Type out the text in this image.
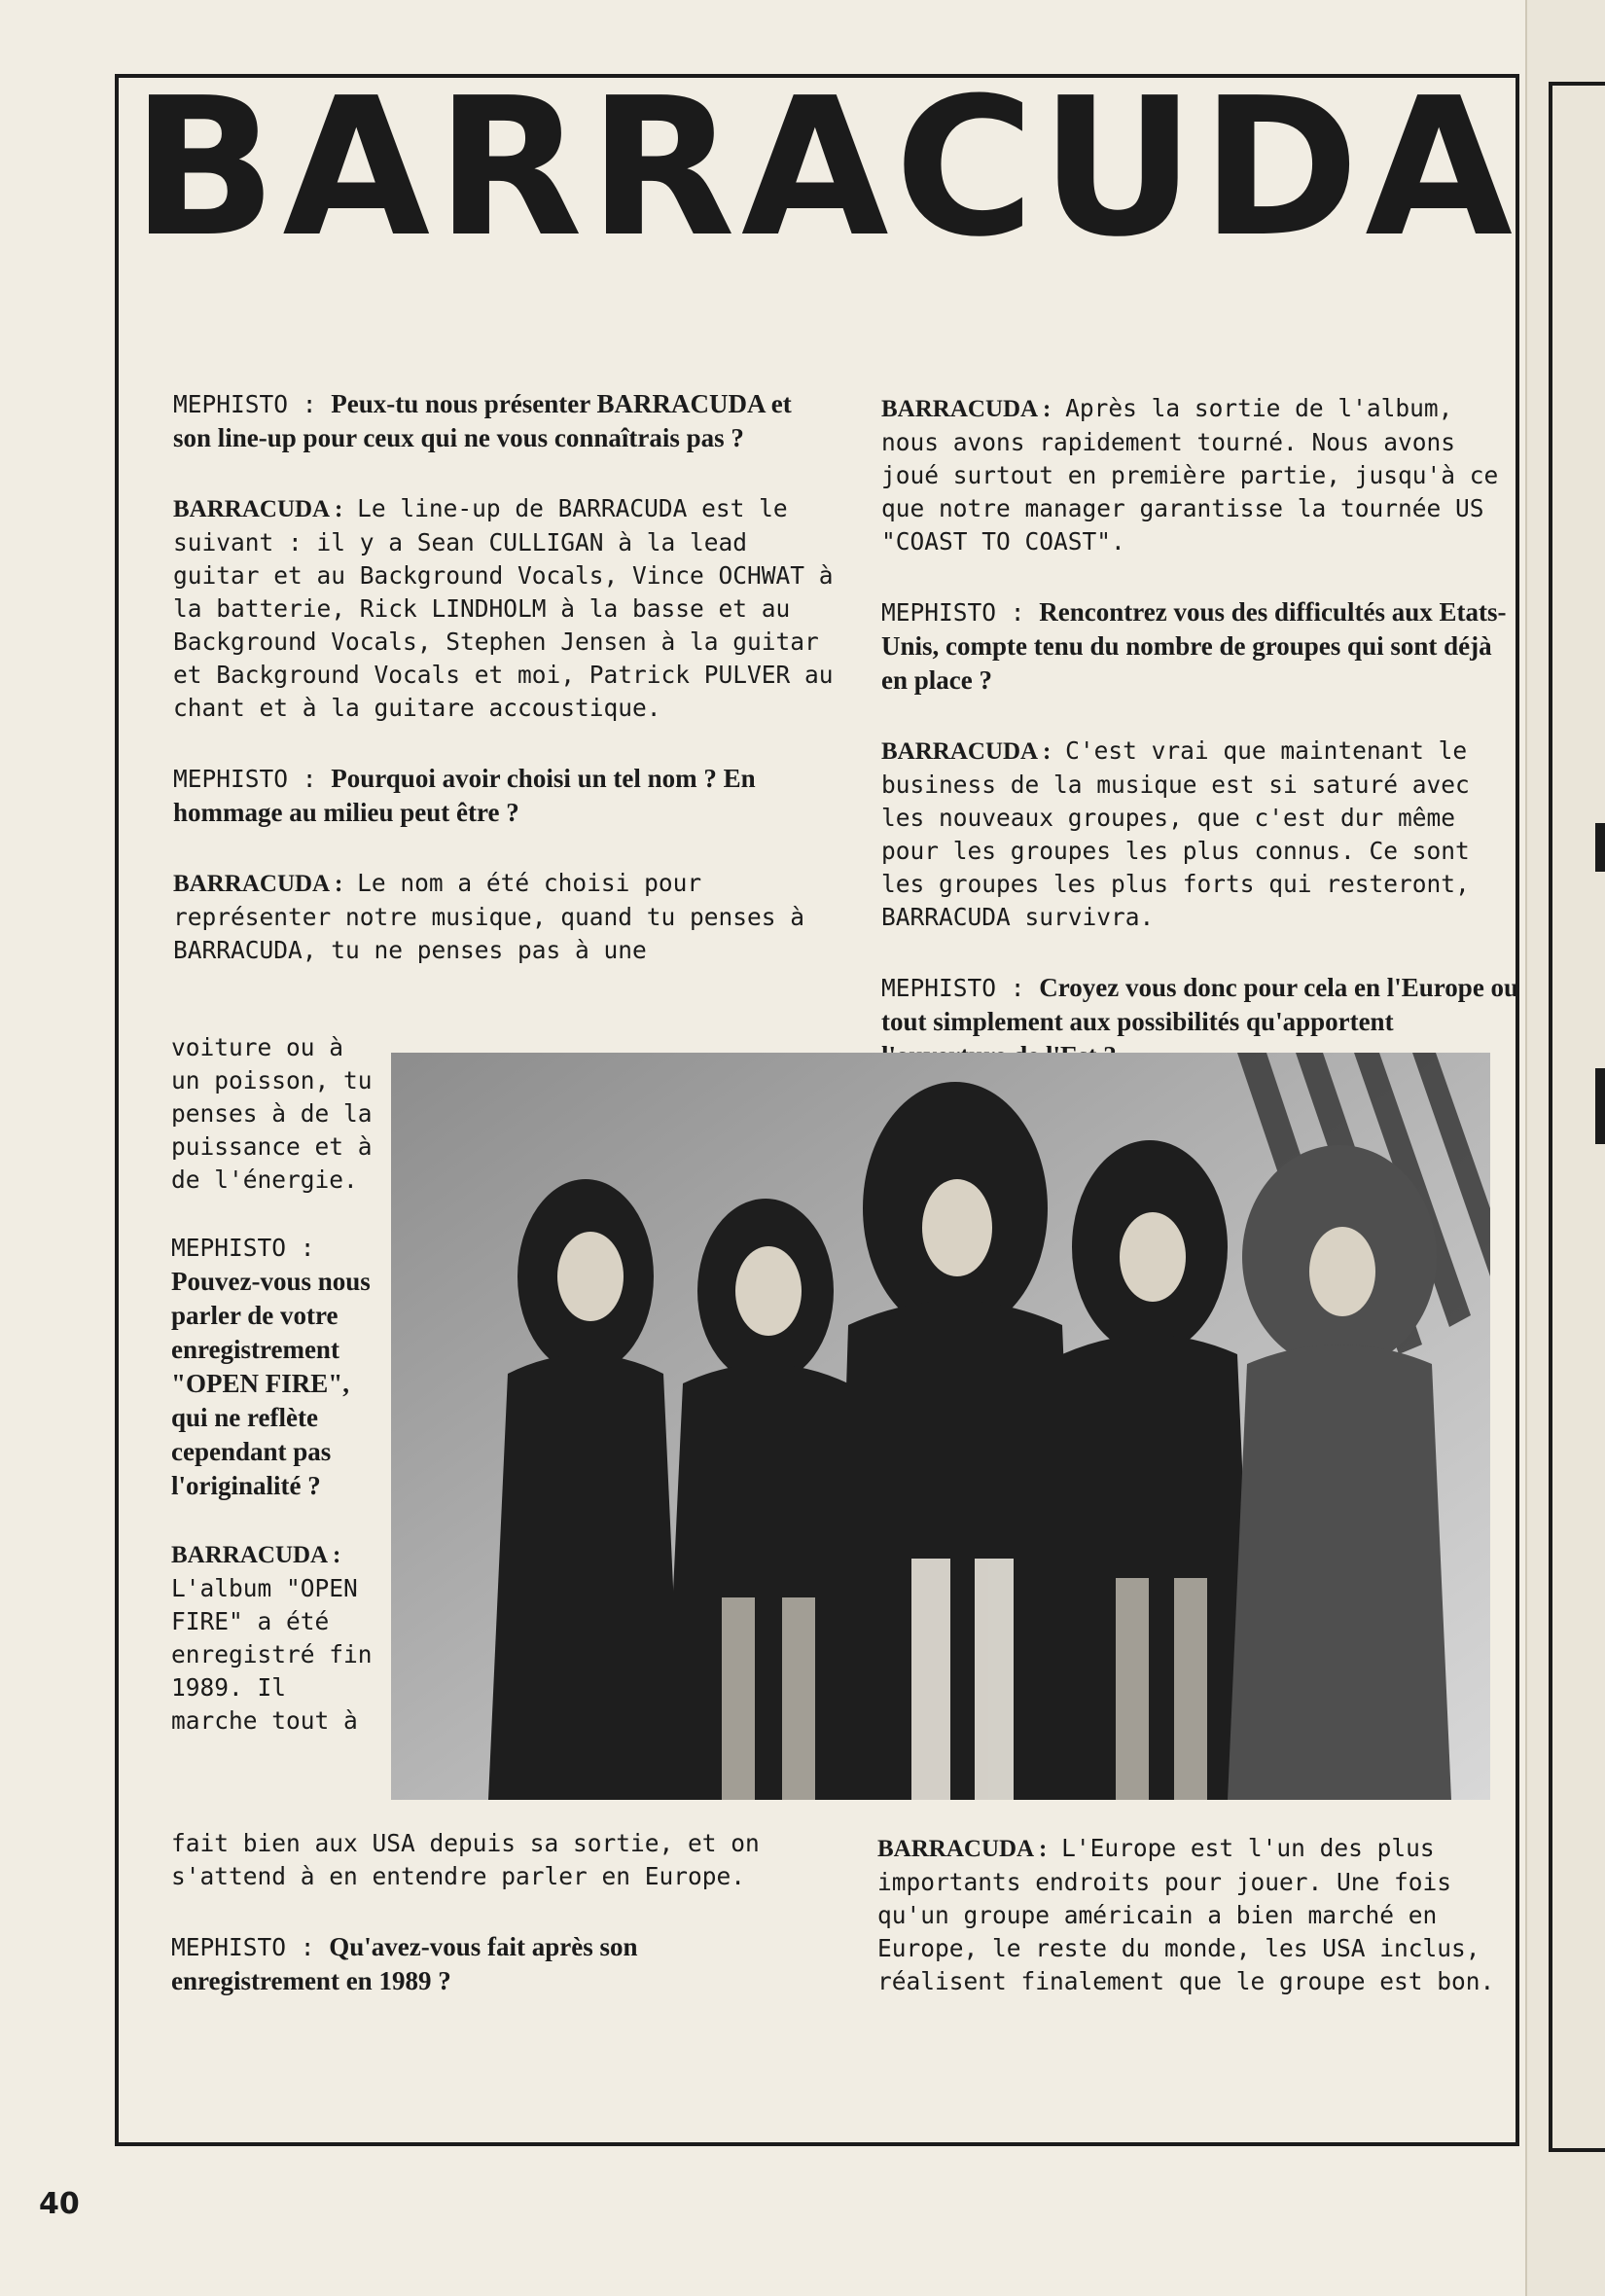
BARRACUDA

MEPHISTO : Peux-tu nous présenter BARRACUDA et son line-up pour ceux qui ne vous connaîtrais pas ?

BARRACUDA : Le line-up de BARRACUDA est le suivant : il y a Sean CULLIGAN à la lead guitar et au Background Vocals, Vince OCHWAT à la batterie, Rick LINDHOLM à la basse et au Background Vocals, Stephen Jensen à la guitar et Background Vocals et moi, Patrick PULVER au chant et à la guitare accoustique.

MEPHISTO : Pourquoi avoir choisi un tel nom ? En hommage au milieu peut être ?

BARRACUDA : Le nom a été choisi pour représenter notre musique, quand tu penses à BARRACUDA, tu ne penses pas à une

voiture ou à un poisson, tu penses à de la puissance et à de l'énergie.

MEPHISTO : Pouvez-vous nous parler de votre enregistrement "OPEN FIRE", qui ne reflète cependant pas l'originalité ?

BARRACUDA : L'album "OPEN FIRE" a été enregistré fin 1989. Il marche tout à

fait bien aux USA depuis sa sortie, et on s'attend à en entendre parler en Europe.

MEPHISTO : Qu'avez-vous fait après son enregistrement en 1989 ?

BARRACUDA : Après la sortie de l'album, nous avons rapidement tourné. Nous avons joué surtout en première partie, jusqu'à ce que notre manager garantisse la tournée US "COAST TO COAST".

MEPHISTO : Rencontrez vous des difficultés aux Etats-Unis, compte tenu du nombre de groupes qui sont déjà en place ?

BARRACUDA : C'est vrai que maintenant le business de la musique est si saturé avec les nouveaux groupes, que c'est dur même pour les groupes les plus connus. Ce sont les groupes les plus forts qui resteront, BARRACUDA survivra.

MEPHISTO : Croyez vous donc pour cela en l'Europe ou tout simplement aux possibilités qu'apportent

BARRACUDA : L'Europe est l'un des plus importants endroits pour jouer. Une fois qu'un groupe américain a bien marché en Europe, le reste du monde, les USA inclus, réalisent finalement que le groupe est bon.

40
